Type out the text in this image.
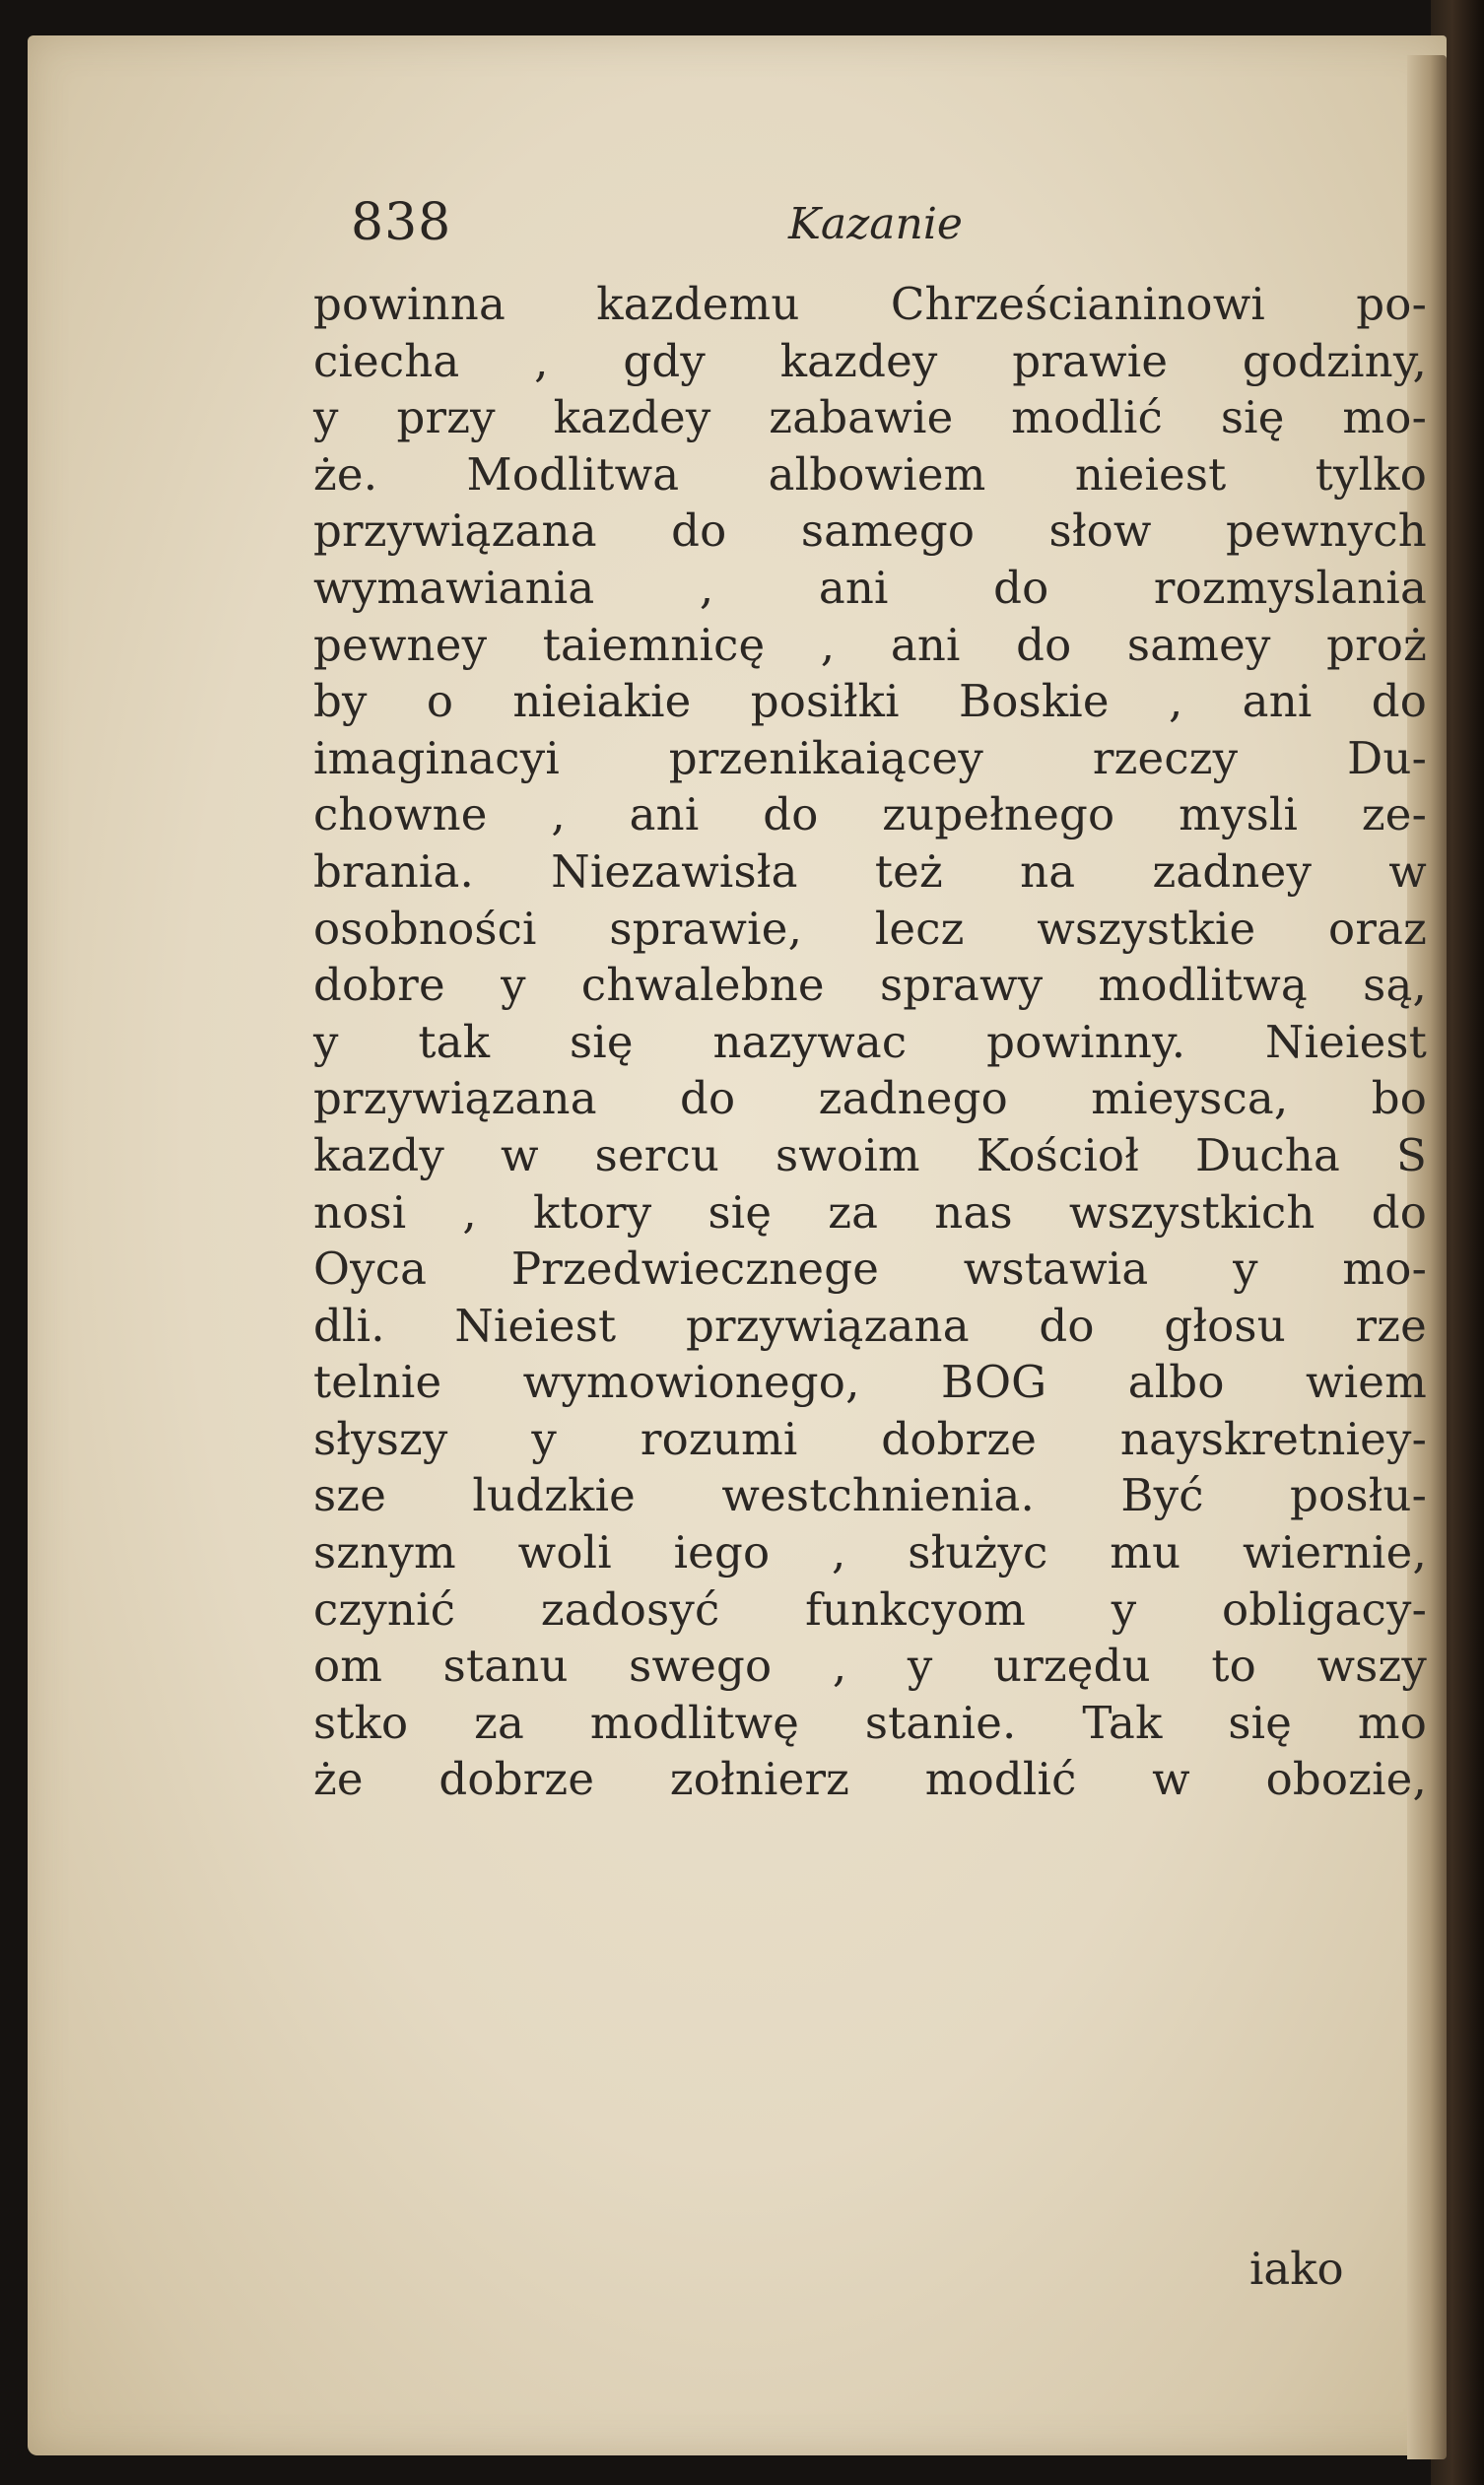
838	Kazanie
powinna kazdemu Chrześcianinowi po-
ciecha , gdy kazdey prawie godziny,
y przy kazdey zabawie modlić się mo-
że. Modlitwa albowiem nieiest tylko
przywiązana do samego słow pewnych
wymawiania , ani do rozmyslania
pewney taiemnicę , ani do samey proż
by o nieiakie posiłki Boskie , ani do
imaginacyi przenikaiącey rzeczy Du-
chowne , ani do zupełnego mysli ze-
brania. Niezawisła też na zadney w
osobności sprawie, lecz wszystkie oraz
dobre y chwalebne sprawy modlitwą są,
y tak się nazywac powinny. Nieiest
przywiązana do zadnego mieysca, bo
kazdy w sercu swoim Kościoł Ducha S
nosi , ktory się za nas wszystkich do
Oyca Przedwiecznege wstawia y mo-
dli. Nieiest przywiązana do głosu rze
telnie wymowionego, BOG albo wiem
słyszy y rozumi dobrze nayskretniey-
sze ludzkie westchnienia. Być posłu-
sznym woli iego , służyc mu wiernie,
czynić zadosyć funkcyom y obligacy-
om stanu swego , y urzędu to wszy
stko za modlitwę stanie. Tak się mo
że dobrze zołnierz modlić w obozie,
iako
